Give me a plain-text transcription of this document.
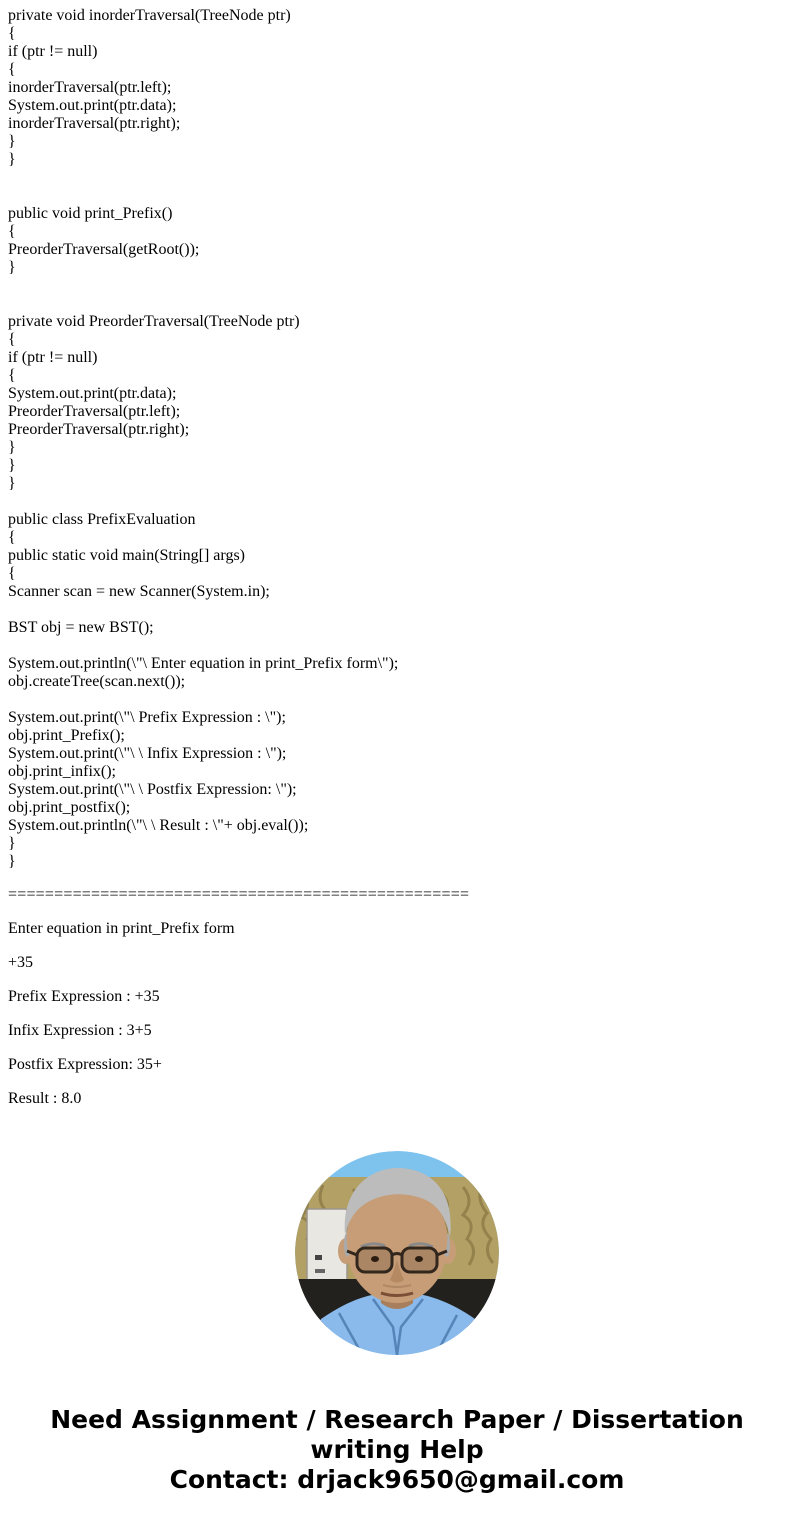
private void inorderTraversal(TreeNode ptr)
{
if (ptr != null)
{
inorderTraversal(ptr.left);
System.out.print(ptr.data);
inorderTraversal(ptr.right);
}
}
public void print_Prefix()
{
PreorderTraversal(getRoot());
}
private void PreorderTraversal(TreeNode ptr)
{
if (ptr != null)
{
System.out.print(ptr.data);
PreorderTraversal(ptr.left);
PreorderTraversal(ptr.right);
}
}
}
public class PrefixEvaluation
{
public static void main(String[] args)
{
Scanner scan = new Scanner(System.in);
BST obj = new BST();
System.out.println(\"\ Enter equation in print_Prefix form\");
obj.createTree(scan.next());
System.out.print(\"\ Prefix Expression : \");
obj.print_Prefix();
System.out.print(\"\ \ Infix Expression : \");
obj.print_infix();
System.out.print(\"\ \ Postfix Expression: \");
obj.print_postfix();
System.out.println(\"\ \ Result : \"+ obj.eval());
}
}
==================================================

Enter equation in print_Prefix form

+35

Prefix Expression : +35

Infix Expression : 3+5

Postfix Expression: 35+

Result : 8.0

Need Assignment / Research Paper / Dissertation writing Help
Contact: drjack9650@gmail.com
